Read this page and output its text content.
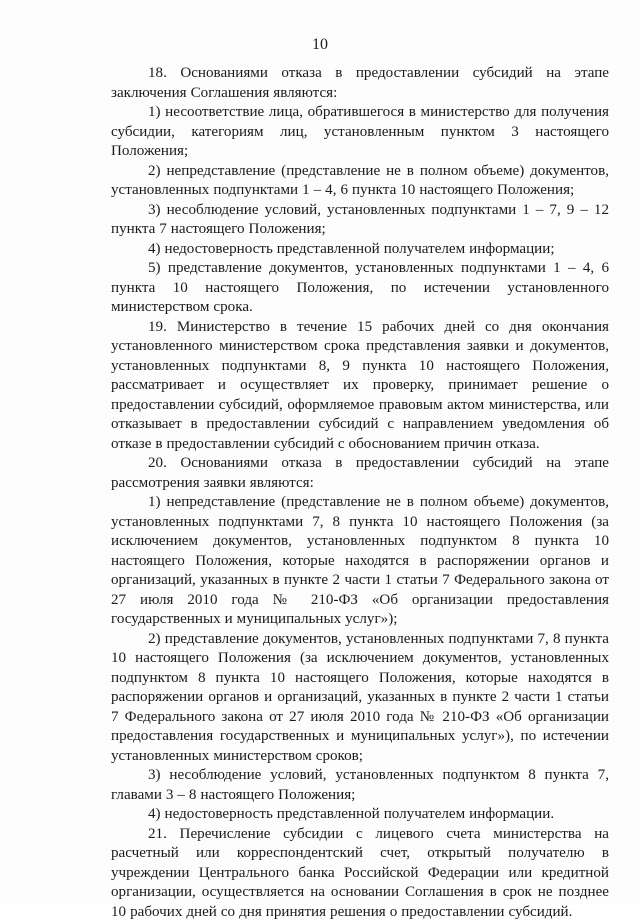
10

18. Основаниями отказа в предоставлении субсидий на этапе заключения Соглашения являются:

1) несоответствие лица, обратившегося в министерство для получения субсидии, категориям лиц, установленным пунктом 3 настоящего Положения;

2) непредставление (представление не в полном объеме) документов, установленных подпунктами 1 – 4, 6 пункта 10 настоящего Положения;

3) несоблюдение условий, установленных подпунктами 1 – 7, 9 – 12 пункта 7 настоящего Положения;

4) недостоверность представленной получателем информации;

5) представление документов, установленных подпунктами 1 – 4, 6 пункта 10 настоящего Положения, по истечении установленного министерством срока.

19. Министерство в течение 15 рабочих дней со дня окончания установленного министерством срока представления заявки и документов, установленных подпунктами 8, 9 пункта 10 настоящего Положения, рассматривает и осуществляет их проверку, принимает решение о предоставлении субсидий, оформляемое правовым актом министерства, или отказывает в предоставлении субсидий с направлением уведомления об отказе в предоставлении субсидий с обоснованием причин отказа.

20. Основаниями отказа в предоставлении субсидий на этапе рассмотрения заявки являются:

1) непредставление (представление не в полном объеме) документов, установленных подпунктами 7, 8 пункта 10 настоящего Положения (за исключением документов, установленных подпунктом 8 пункта 10 настоящего Положения, которые находятся в распоряжении органов и организаций, указанных в пункте 2 части 1 статьи 7 Федерального закона от 27 июля 2010 года № 210-ФЗ «Об организации предоставления государственных и муниципальных услуг»);

2) представление документов, установленных подпунктами 7, 8 пункта 10 настоящего Положения (за исключением документов, установленных подпунктом 8 пункта 10 настоящего Положения, которые находятся в распоряжении органов и организаций, указанных в пункте 2 части 1 статьи 7 Федерального закона от 27 июля 2010 года № 210-ФЗ «Об организации предоставления государственных и муниципальных услуг»), по истечении установленных министерством сроков;

3) несоблюдение условий, установленных подпунктом 8 пункта 7, главами 3 – 8 настоящего Положения;

4) недостоверность представленной получателем информации.

21. Перечисление субсидии с лицевого счета министерства на расчетный или корреспондентский счет, открытый получателю в учреждении Центрального банка Российской Федерации или кредитной организации, осуществляется на основании Соглашения в срок не позднее 10 рабочих дней со дня принятия решения о предоставлении субсидий.
